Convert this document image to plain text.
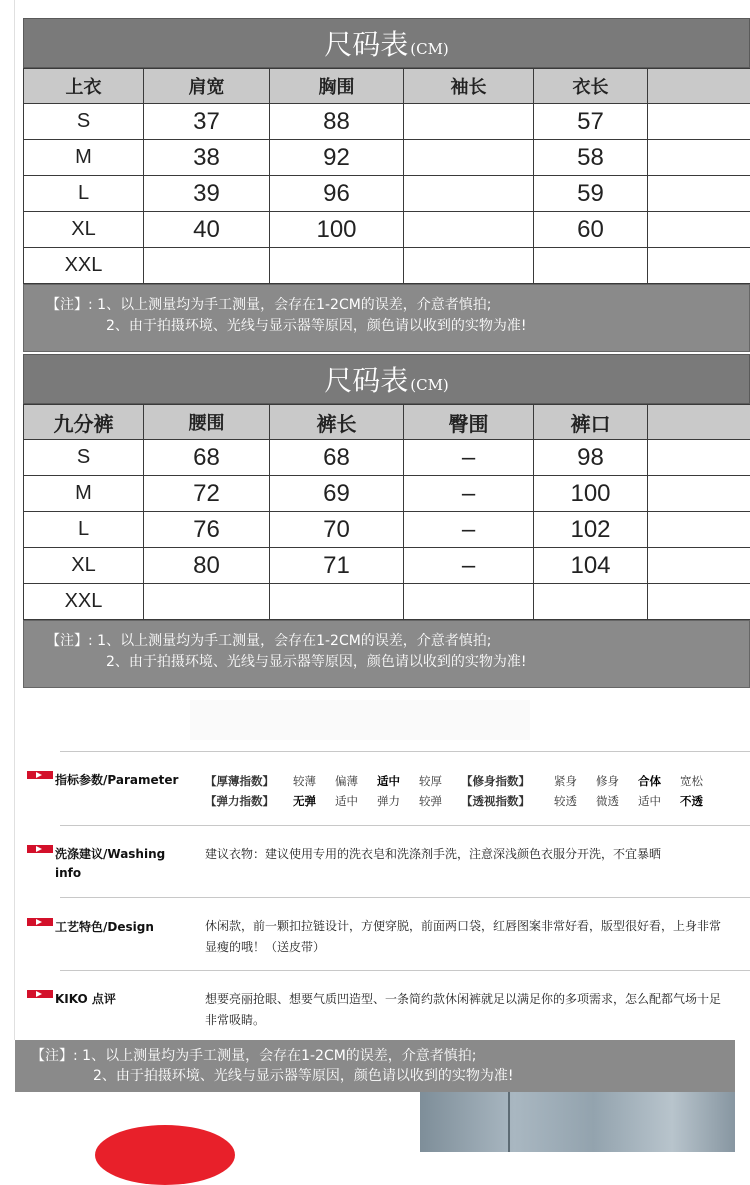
尺码表 (CM)
上衣	肩宽	胸围	袖长	衣长	
S	37	88		57	
M	38	92		58	
L	39	96		59	
XL	40	100		60	
XXL					
【注】: 1、以上测量均为手工测量，会存在1-2CM的误差，介意者慎拍;
2、由于拍摄环境、光线与显示器等原因，颜色请以收到的实物为准!
尺码表 (CM)
九分裤	腰围	裤长	臀围	裤口	
S	68	68	–	98	
M	72	69	–	100	
L	76	70	–	102	
XL	80	71	–	104	
XXL					
【注】: 1、以上测量均为手工测量，会存在1-2CM的误差，介意者慎拍;
2、由于拍摄环境、光线与显示器等原因，颜色请以收到的实物为准!
指标参数/Parameter 【厚薄指数】	较薄	偏薄	适中	较厚	【修身指数】	紧身	修身	合体	宽松
【弹力指数】	无弹	适中	弹力	较弹	【透视指数】	较透	微透	适中	不透
洗涤建议/Washing
info
建议衣物：建议使用专用的洗衣皂和洗涤剂手洗，注意深浅颜色衣服分开洗，不宜暴晒
工艺特色/Design	休闲款，前一颗扣拉链设计，方便穿脱，前面两口袋，红唇图案非常好看，版型很好看，上身非常
显瘦的哦！（送皮带）
KIKO 点评	想要亮丽抢眼、想要气质凹造型、一条简约款休闲裤就足以满足你的多项需求，怎么配都气场十足
非常吸睛。
【注】: 1、以上测量均为手工测量，会存在1-2CM的误差，介意者慎拍;
2、由于拍摄环境、光线与显示器等原因，颜色请以收到的实物为准!
